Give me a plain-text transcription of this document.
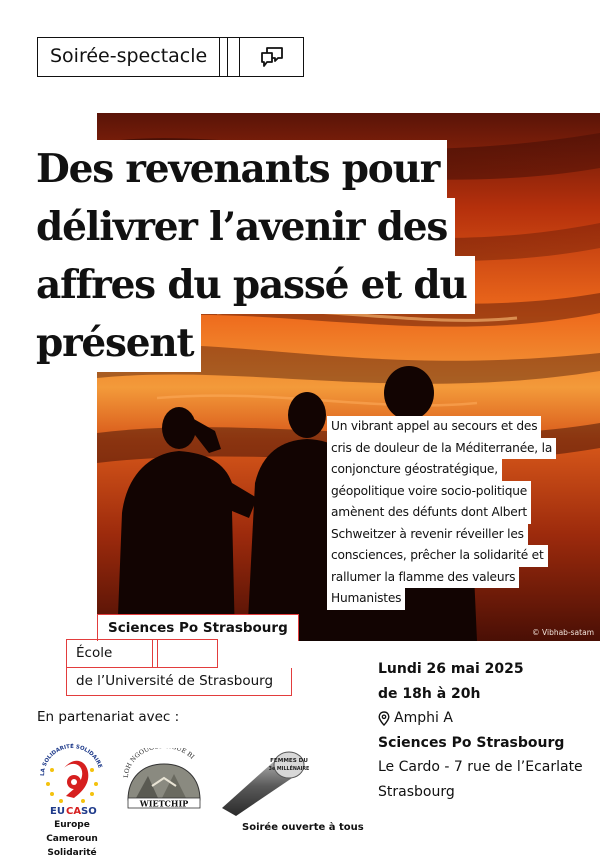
Soirée-spectacle
© Vibhab-satam
Des revenants pour
délivrer l’avenir des
affres du passé et du
présent
Un vibrant appel au secours et des
cris de douleur de la Méditerranée, la
conjoncture géostratégique,
géopolitique voire socio-politique
amènent des défunts dont Albert
Schweitzer à revenir réveiller les
consciences, prêcher la solidarité et
rallumer la flamme des valeurs
Humanistes
Sciences Po Strasbourg
École
de l’Université de Strasbourg
Lundi 26 mai 2025
de 18h à 20h
Amphi A
Sciences Po Strasbourg
Le Cardo - 7 rue de l’Ecarlate
Strasbourg
En partenariat avec :
LA SOLIDARITÉ SOLIDAIRE
EU CA SO
Europe Cameroun
Solidarité
LOH NGOUO UE BI
WIETCHIP
FEMMES DU
3e MILLÉNAIRE
Soirée ouverte à tous
